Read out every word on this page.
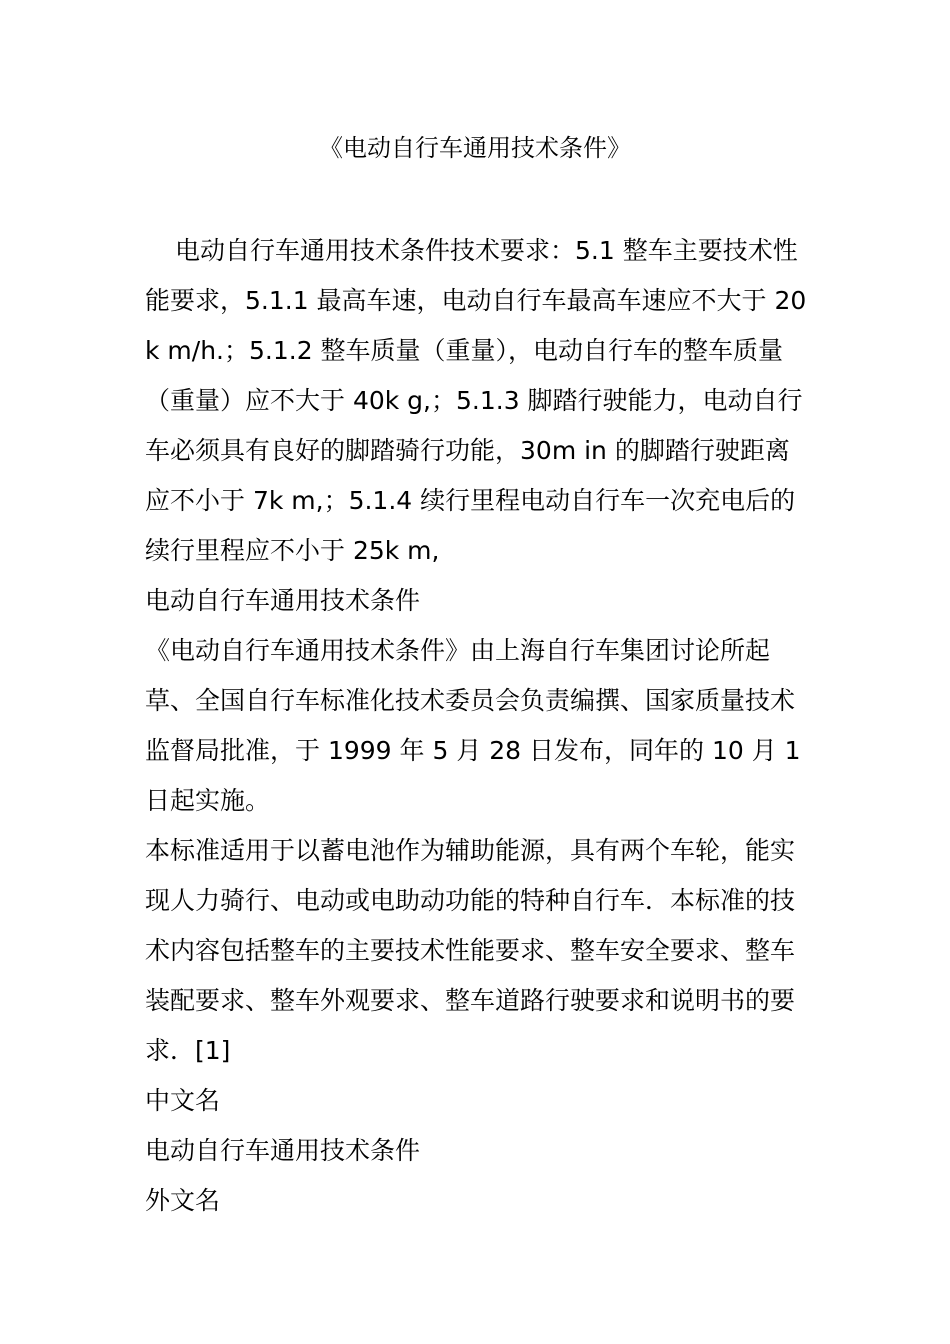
《电动自行车通用技术条件》

电动自行车通用技术条件技术要求：5.1 整车主要技术性能要求，5.1.1 最高车速，电动自行车最高车速应不大于 20k m/h.；5.1.2 整车质量（重量），电动自行车的整车质量（重量）应不大于 40k g,；5.1.3 脚踏行驶能力，电动自行车必须具有良好的脚踏骑行功能，30m in 的脚踏行驶距离应不小于 7k m,；5.1.4 续行里程电动自行车一次充电后的续行里程应不小于 25k m,

电动自行车通用技术条件

《电动自行车通用技术条件》由上海自行车集团讨论所起草、全国自行车标准化技术委员会负责编撰、国家质量技术监督局批准，于 1999 年 5 月 28 日发布，同年的 10 月 1 日起实施。

本标准适用于以蓄电池作为辅助能源，具有两个车轮，能实现人力骑行、电动或电助动功能的特种自行车．本标准的技术内容包括整车的主要技术性能要求、整车安全要求、整车装配要求、整车外观要求、整车道路行驶要求和说明书的要求．[1]

中文名

电动自行车通用技术条件

外文名
